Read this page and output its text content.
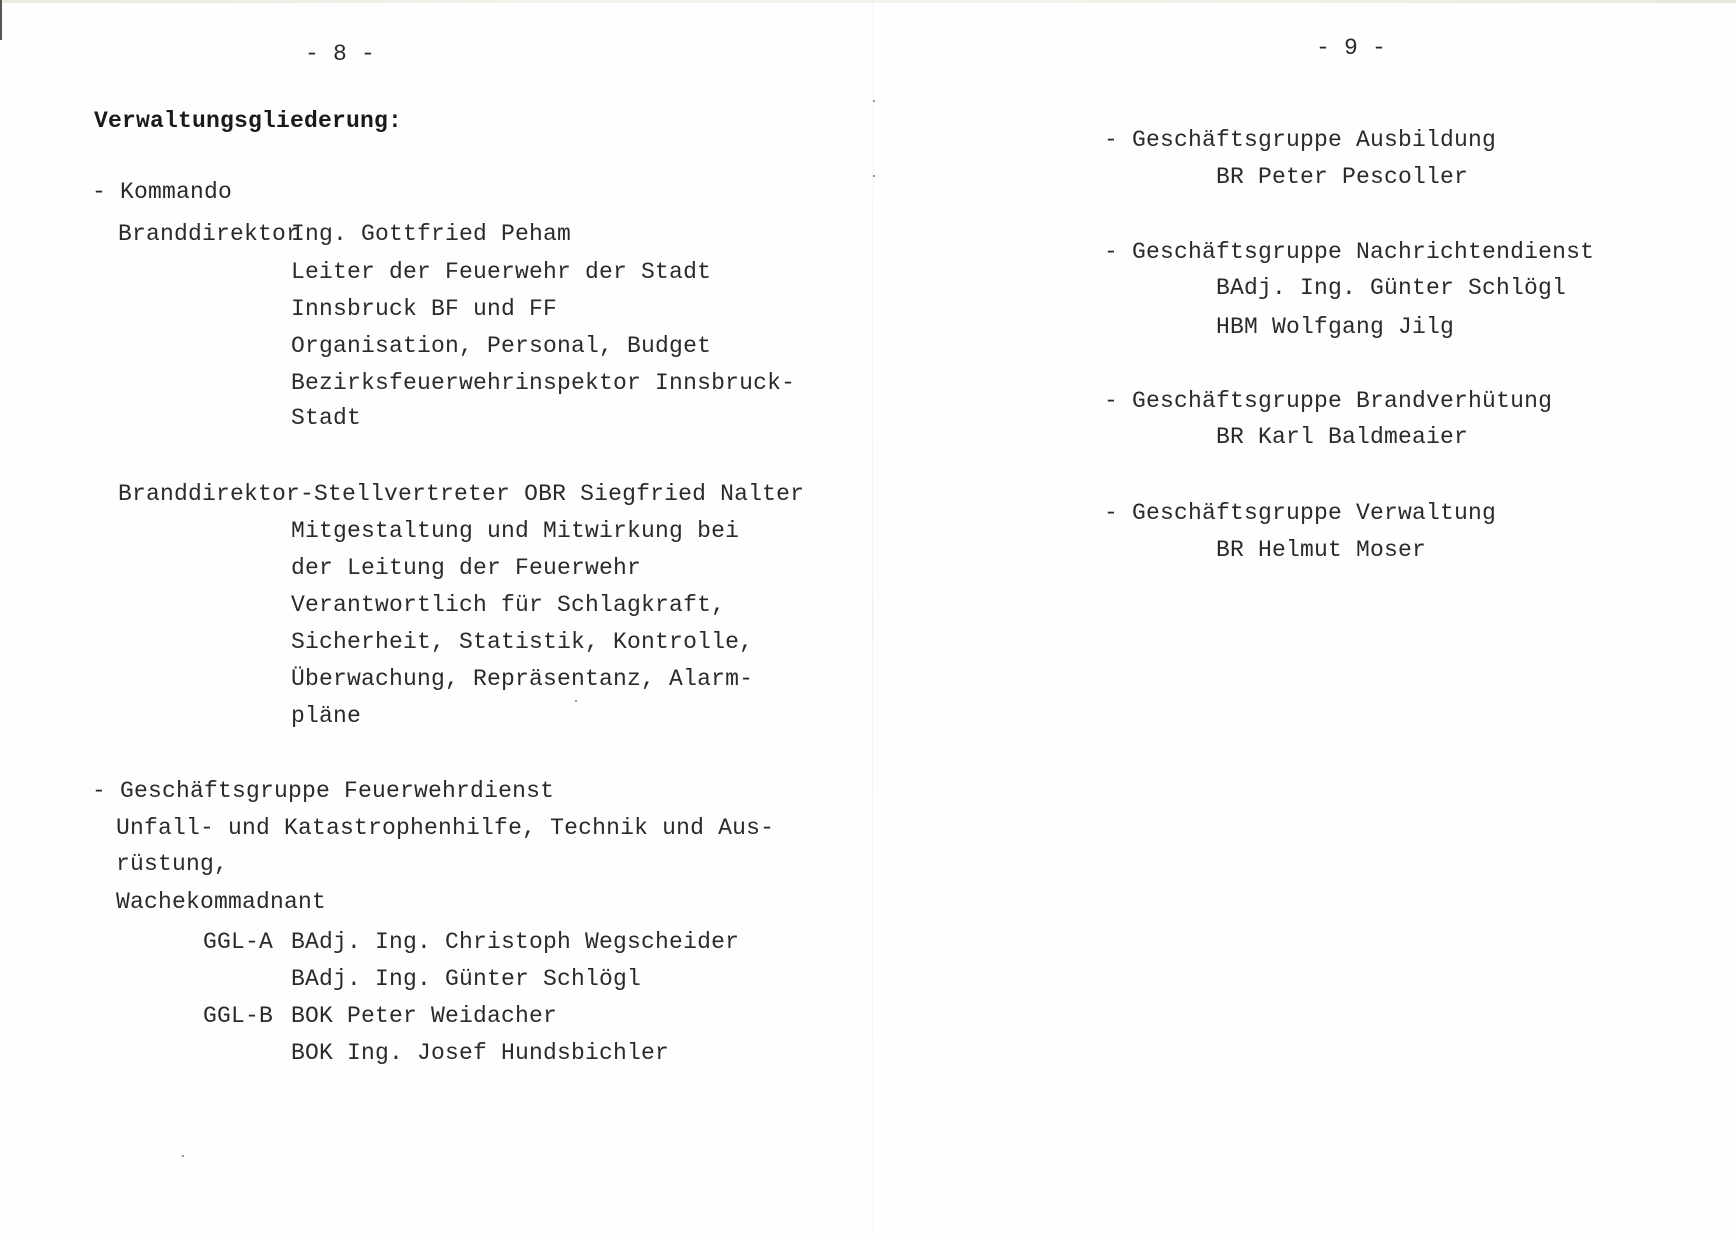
- 8 -
Verwaltungsgliederung:
- Kommando
Branddirektor
Ing. Gottfried Peham
Leiter der Feuerwehr der Stadt
Innsbruck BF und FF
Organisation, Personal, Budget
Bezirksfeuerwehrinspektor Innsbruck-
Stadt
Branddirektor-Stellvertreter OBR Siegfried Nalter
Mitgestaltung und Mitwirkung bei
der Leitung der Feuerwehr
Verantwortlich für Schlagkraft,
Sicherheit, Statistik, Kontrolle,
Überwachung, Repräsentanz, Alarm-
pläne
- Geschäftsgruppe Feuerwehrdienst
Unfall- und Katastrophenhilfe, Technik und Aus-
rüstung,
Wachekommadnant
GGL-A BAdj. Ing. Christoph Wegscheider
BAdj. Ing. Günter Schlögl
GGL-B BOK Peter Weidacher
BOK Ing. Josef Hundsbichler
- 9 -
- Geschäftsgruppe Ausbildung
BR Peter Pescoller
- Geschäftsgruppe Nachrichtendienst
BAdj. Ing. Günter Schlögl
HBM Wolfgang Jilg
- Geschäftsgruppe Brandverhütung
BR Karl Baldmeaier
- Geschäftsgruppe Verwaltung
BR Helmut Moser
